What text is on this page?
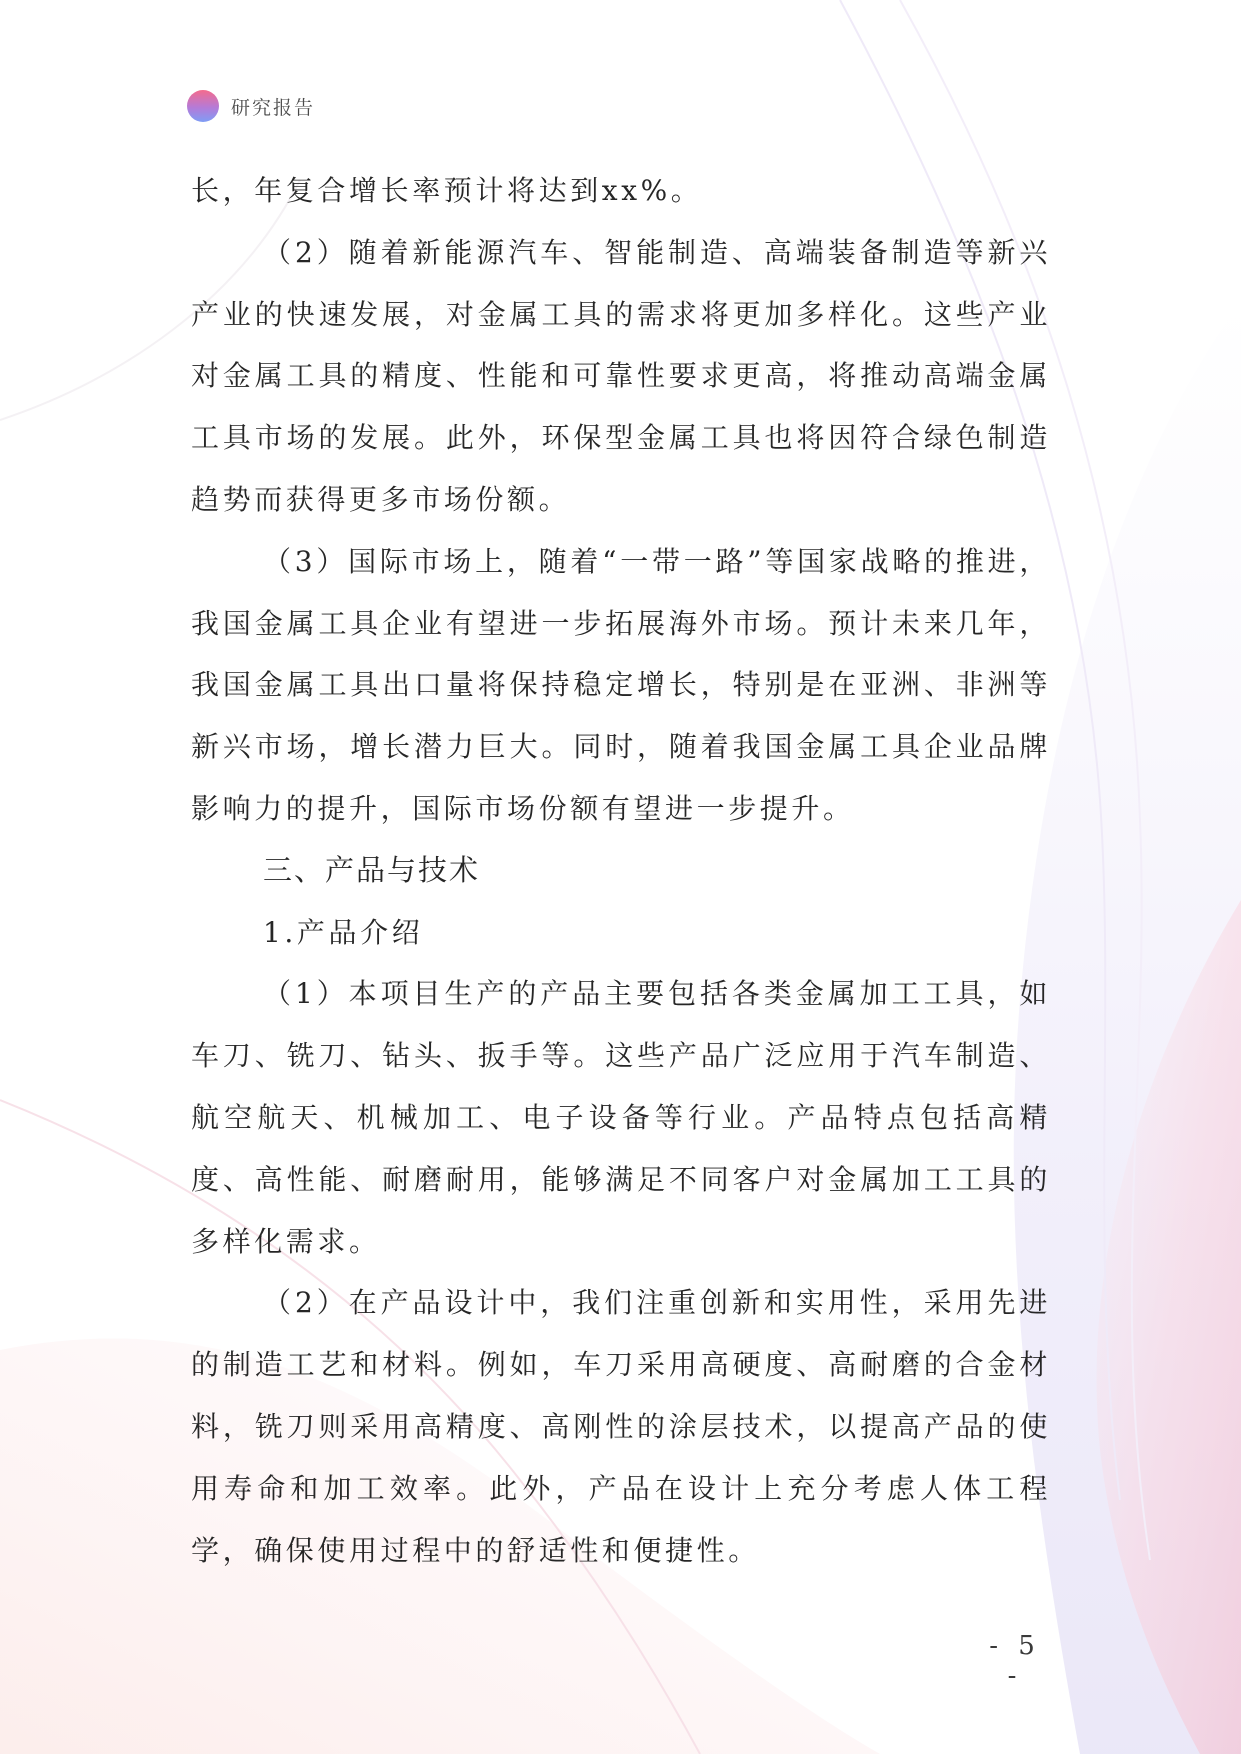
研究报告

长，年复合增长率预计将达到xx%。

（2）随着新能源汽车、智能制造、高端装备制造等新兴产业的快速发展，对金属工具的需求将更加多样化。这些产业对金属工具的精度、性能和可靠性要求更高，将推动高端金属工具市场的发展。此外，环保型金属工具也将因符合绿色制造趋势而获得更多市场份额。

（3）国际市场上，随着“一带一路”等国家战略的推进，我国金属工具企业有望进一步拓展海外市场。预计未来几年，我国金属工具出口量将保持稳定增长，特别是在亚洲、非洲等新兴市场，增长潜力巨大。同时，随着我国金属工具企业品牌影响力的提升，国际市场份额有望进一步提升。

三、产品与技术

1.产品介绍

（1）本项目生产的产品主要包括各类金属加工工具，如车刀、铣刀、钻头、扳手等。这些产品广泛应用于汽车制造、航空航天、机械加工、电子设备等行业。产品特点包括高精度、高性能、耐磨耐用，能够满足不同客户对金属加工工具的多样化需求。

（2）在产品设计中，我们注重创新和实用性，采用先进的制造工艺和材料。例如，车刀采用高硬度、高耐磨的合金材料，铣刀则采用高精度、高刚性的涂层技术，以提高产品的使用寿命和加工效率。此外，产品在设计上充分考虑人体工程学，确保使用过程中的舒适性和便捷性。

- 5 -
